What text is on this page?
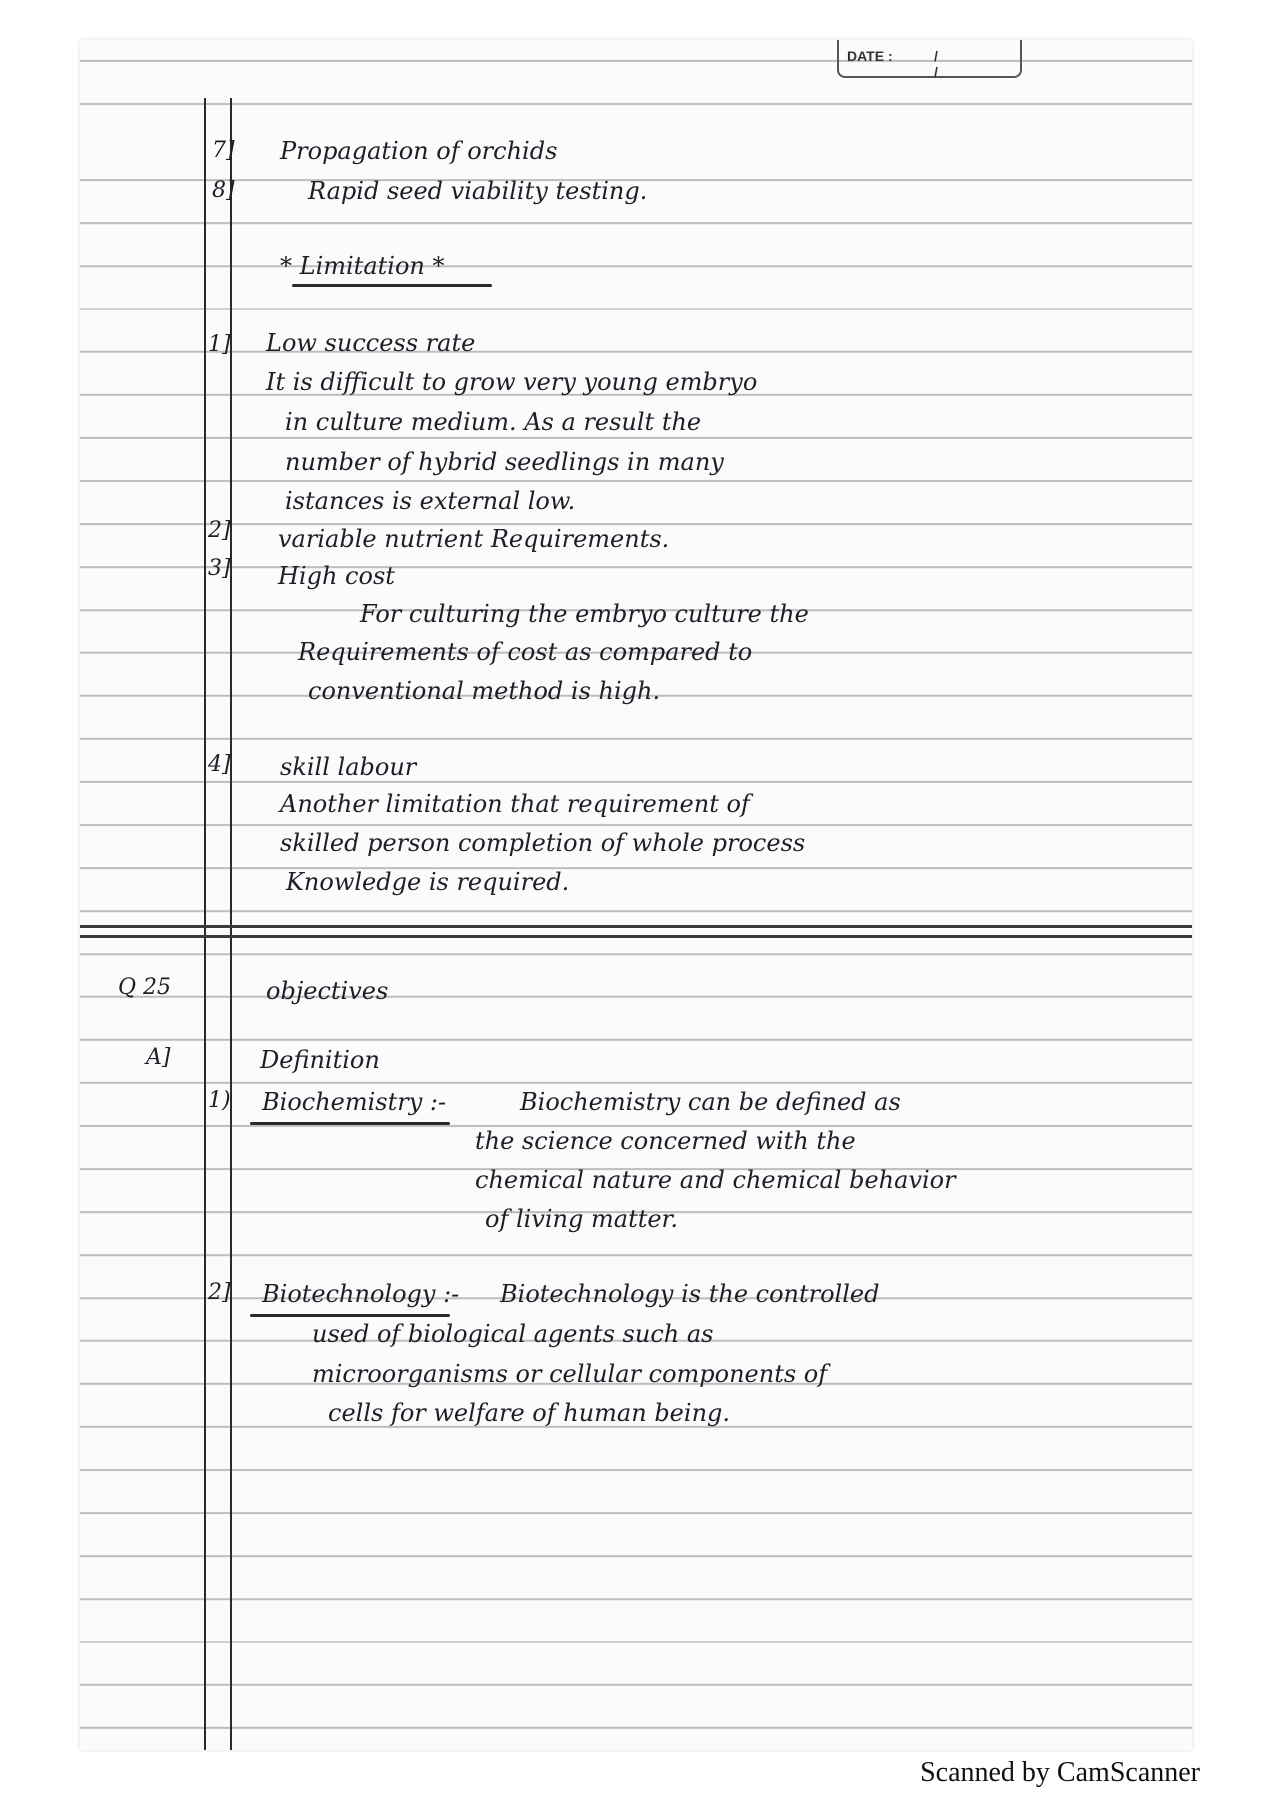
DATE :	/ /
7]
8]
1]
2]
3]
4]
Q 25
A]
1)
2]
Propagation of orchids
Rapid seed viability testing.
* Limitation *
Low success rate
It is difficult to grow very young embryo
in culture medium. As a result the
number of hybrid seedlings in many
istances is external low.
variable nutrient Requirements.
High cost
For culturing the embryo culture the
Requirements of cost as compared to
conventional method is high.
skill labour
Another limitation that requirement of
skilled person completion of whole process
Knowledge is required.
objectives
Definition
Biochemistry :-	Biochemistry can be defined as
the science concerned with the
chemical nature and chemical behavior
of living matter.
Biotechnology :- Biotechnology is the controlled
used of biological agents such as
microorganisms or cellular components of
cells for welfare of human being.
Scanned by CamScanner
